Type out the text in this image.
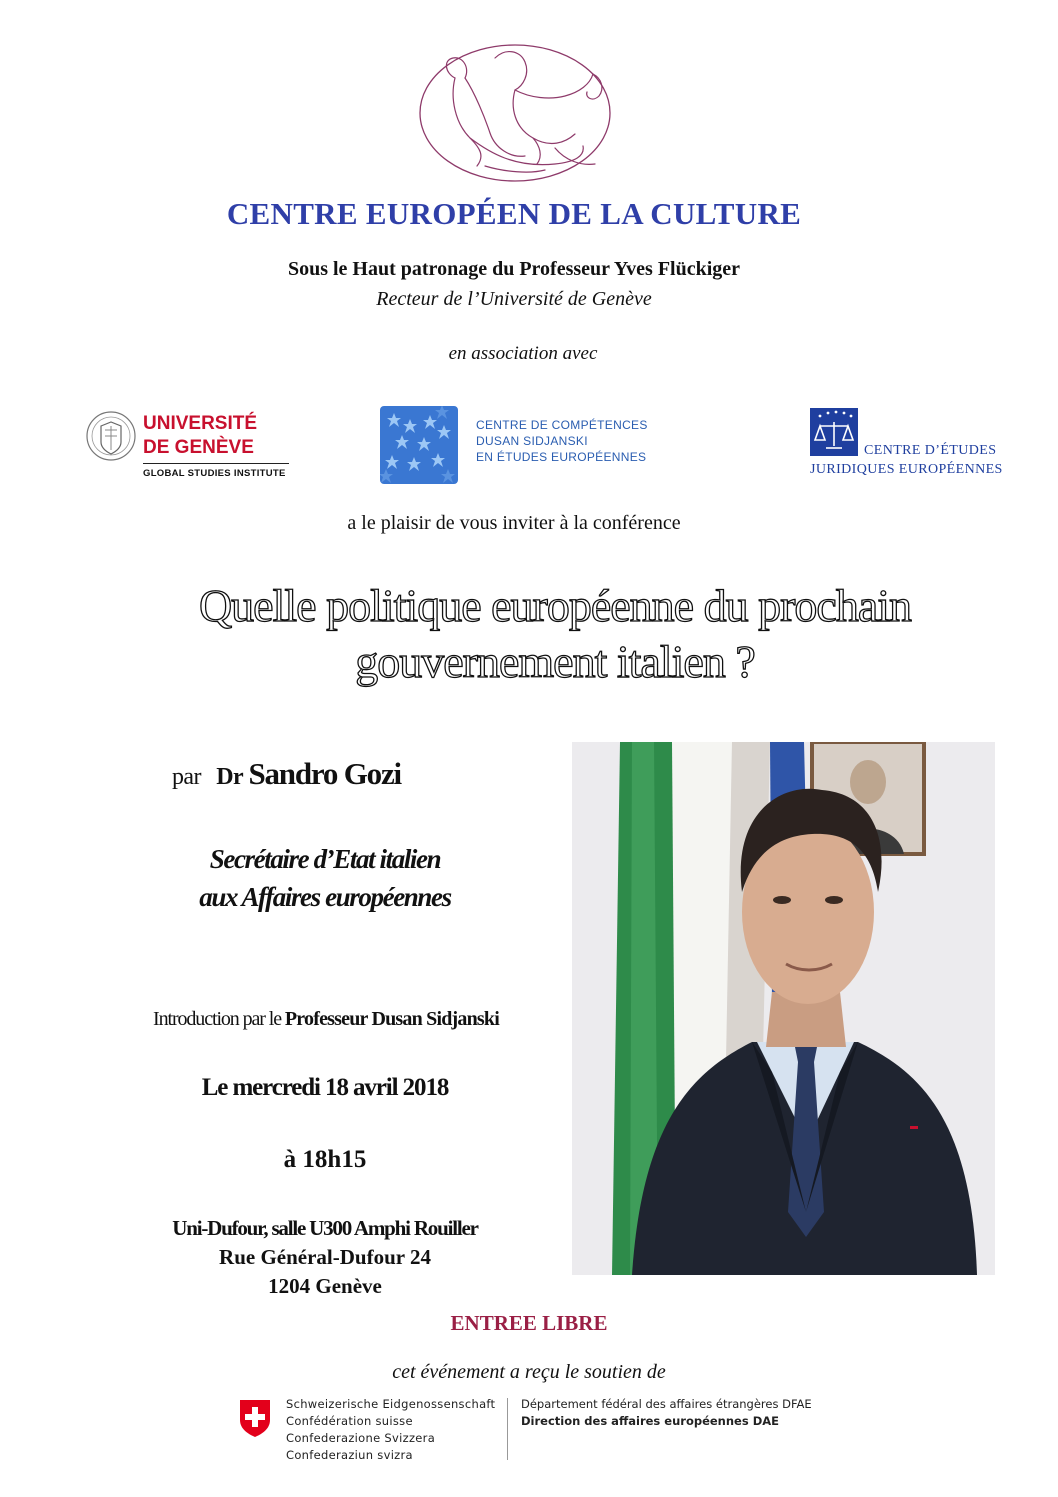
CENTRE EUROPÉEN DE LA CULTURE
Sous le Haut patronage du Professeur Yves Flückiger
Recteur de l’Université de Genève
en association avec
UNIVERSITÉ
DE GENÈVE
GLOBAL STUDIES INSTITUTE
CENTRE DE COMPÉTENCES
DUSAN SIDJANSKI
EN ÉTUDES EUROPÉENNES	CENTRE D’ÉTUDES
JURIDIQUES EUROPÉENNES
a le plaisir de vous inviter à la conférence
Quelle politique européenne du prochain
gouvernement italien ?
par Dr Sandro Gozi
Secrétaire d’Etat italien
aux Affaires européennes
Introduction par le Professeur Dusan Sidjanski
Le mercredi 18 avril 2018
à 18h15
Uni-Dufour, salle U300 Amphi Rouiller
Rue Général-Dufour 24
1204 Genève
ENTREE LIBRE
cet événement a reçu le soutien de
Schweizerische Eidgenossenschaft
Confédération suisse
Confederazione Svizzera
Confederaziun svizra
Département fédéral des affaires étrangères DFAE
Direction des affaires européennes DAE
